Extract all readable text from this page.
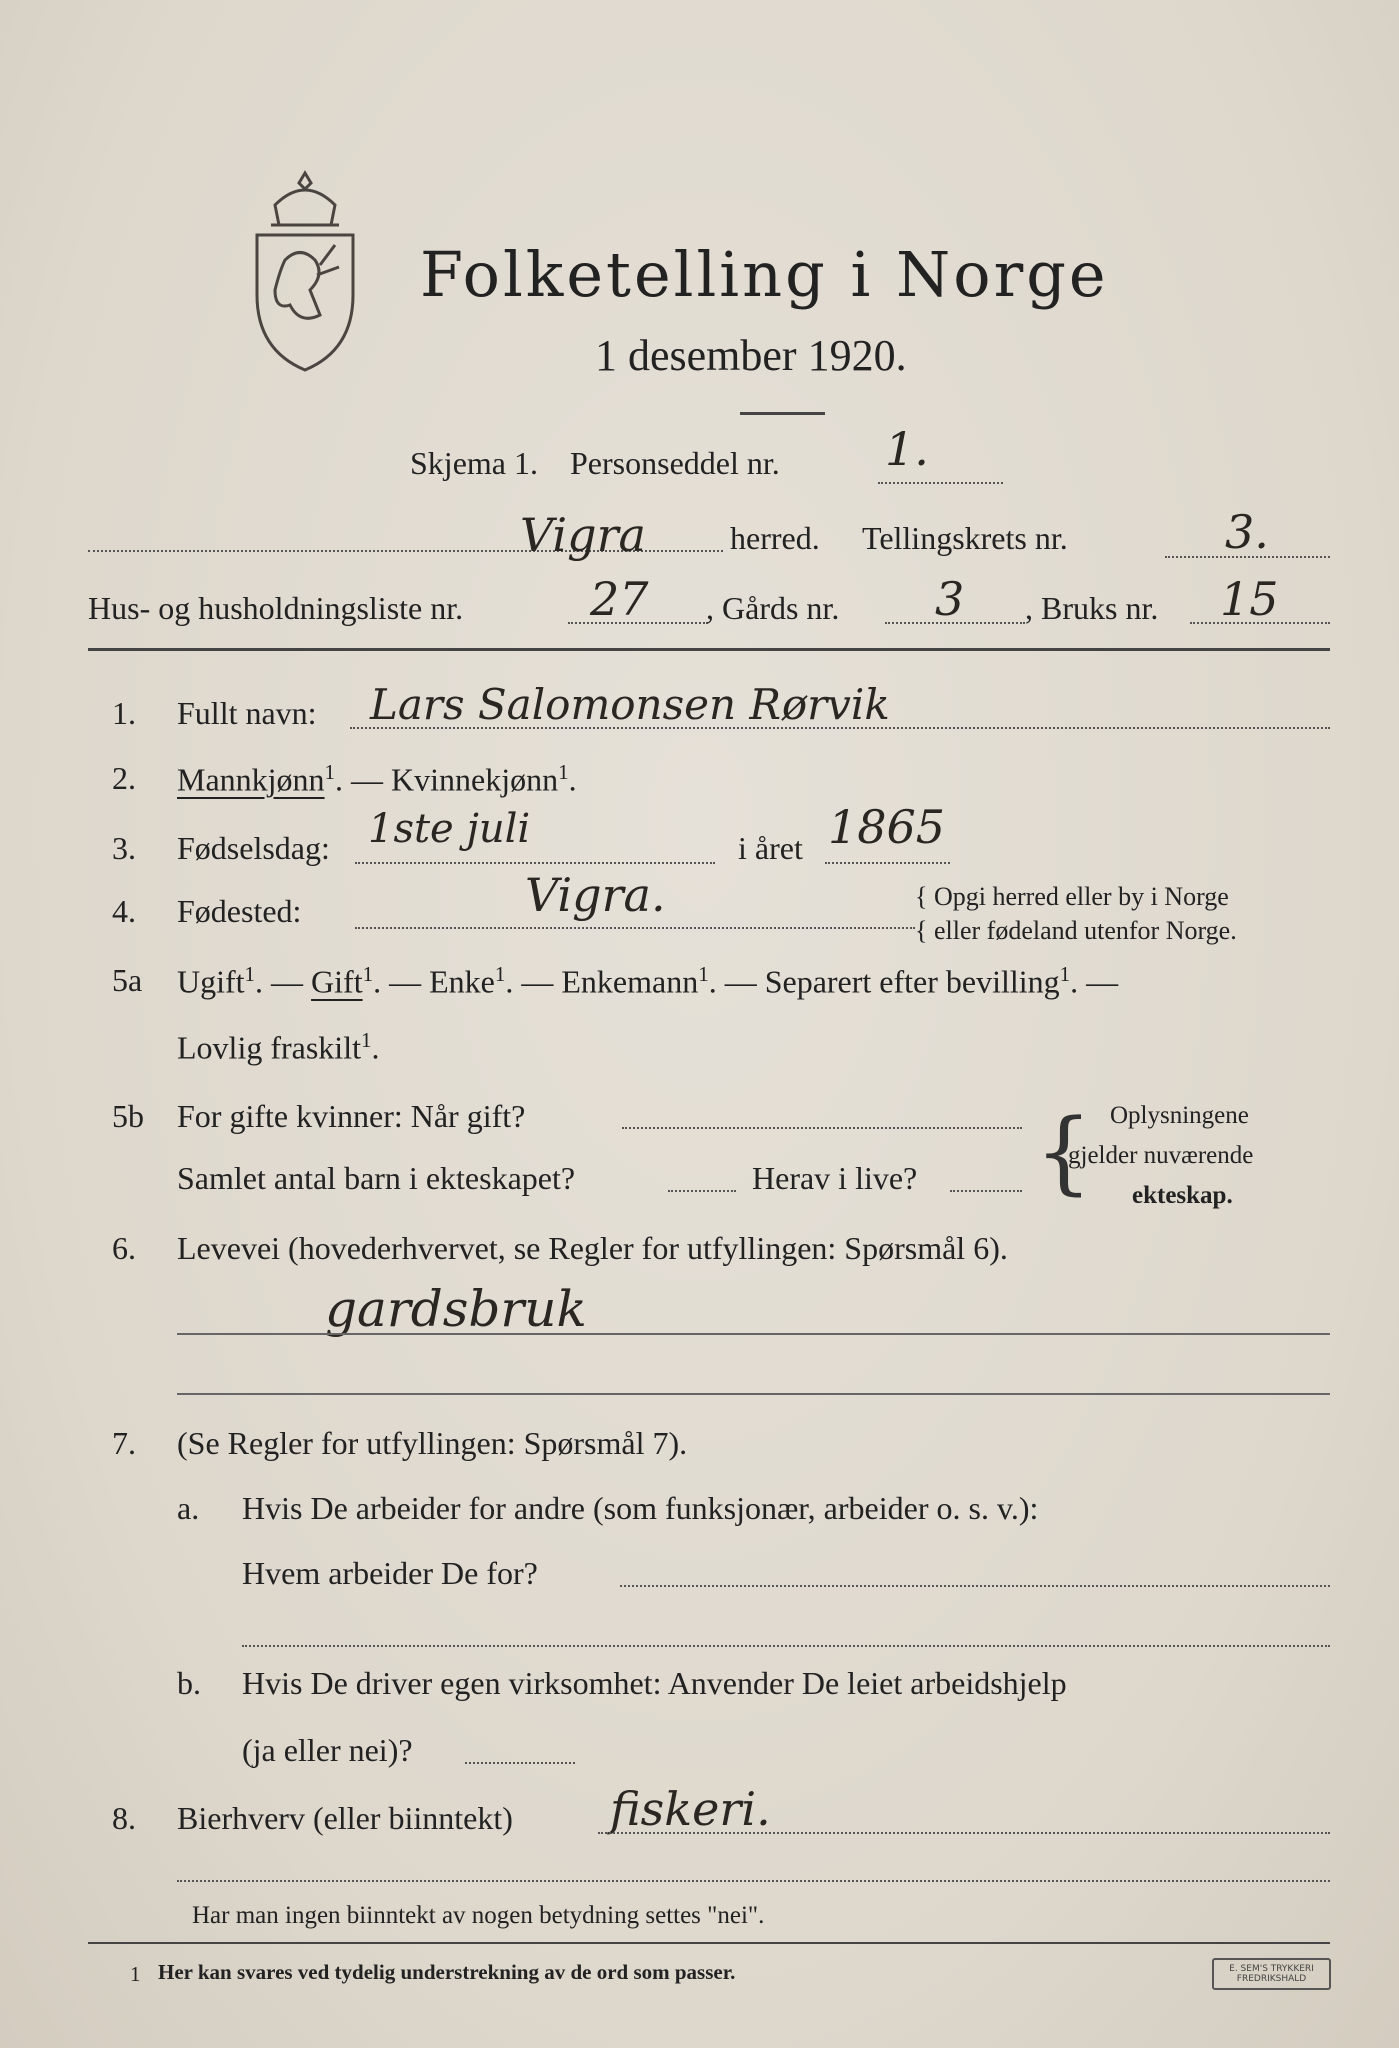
Folketelling i Norge
1 desember 1920.
Skjema 1. Personseddel nr. 1.
Vigra	herred. Tellingskrets nr.	3.
Hus- og husholdningsliste nr.	27 , Gårds nr. 3 , Bruks nr. 15
1. Fullt navn: Lars Salomonsen Rørvik
2. Mannkjønn$^1$. — Kvinnekjønn$^1$.
3. Fødselsdag: 1ste juli	i året 1865
4. Fødested:	Vigra.	{ Opgi herred eller by i Norge
{ eller fødeland utenfor Norge.
5a Ugift$^1$. — Gift$^1$. — Enke$^1$. — Enkemann$^1$. — Separert efter bevilling$^1$. —
Lovlig fraskilt$^1$.
5b For gifte kvinner: Når gift?
Samlet antal barn i ekteskapet?	Herav i live? { Oplysningene
gjelder nuværende
ekteskap.
6. Levevei (hovederhvervet, se Regler for utfyllingen: Spørsmål 6).
gardsbruk
7. (Se Regler for utfyllingen: Spørsmål 7).
a. Hvis De arbeider for andre (som funksjonær, arbeider o. s. v.):
Hvem arbeider De for?
b. Hvis De driver egen virksomhet: Anvender De leiet arbeidshjelp
(ja eller nei)?
8. Bierhverv (eller biinntekt) fiskeri.
Har man ingen biinntekt av nogen betydning settes "nei".
1 Her kan svares ved tydelig understrekning av de ord som passer.	E. SEM'S TRYKKERI FREDRIKSHALD
